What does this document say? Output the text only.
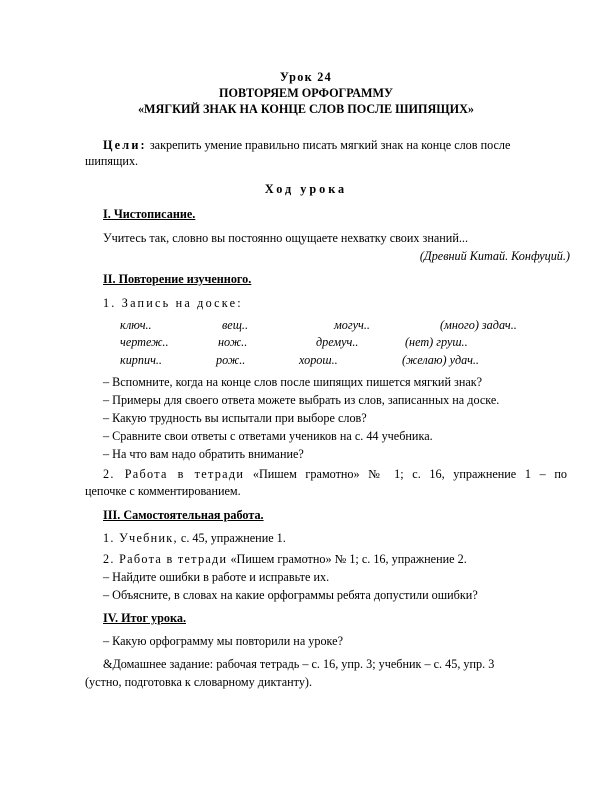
Урок 24
ПОВТОРЯЕМ ОРФОГРАММУ
«МЯГКИЙ ЗНАК НА КОНЦЕ СЛОВ ПОСЛЕ ШИПЯЩИХ»
Цели: закрепить умение правильно писать мягкий знак на конце слов после
шипящих.
Ход урока
I. Чистописание.
Учитесь так, словно вы постоянно ощущаете нехватку своих знаний...
(Древний Китай. Конфуций.)
II. Повторение изученного.
1. Запись на доске:
ключ..	вещ..	могуч..	(много) задач..
чертеж..	нож..	дремуч..	(нет) груш..
кирпич..	рож..	хорош..	(желаю) удач..
– Вспомните, когда на конце слов после шипящих пишется мягкий знак?
– Примеры для своего ответа можете выбрать из слов, записанных на доске.
– Какую трудность вы испытали при выборе слов?
– Сравните свои ответы с ответами учеников на с. 44 учебника.
– На что вам надо обратить внимание?
2. Работа в тетради «Пишем грамотно» № 1; с. 16, упражнение 1 – по
цепочке с комментированием.
III. Самостоятельная работа.
1. Учебник, с. 45, упражнение 1.
2. Работа в тетради «Пишем грамотно» № 1; с. 16, упражнение 2.
– Найдите ошибки в работе и исправьте их.
– Объясните, в словах на какие орфограммы ребята допустили ошибки?
IV. Итог урока.
– Какую орфограмму мы повторили на уроке?
&Домашнее задание: рабочая тетрадь – с. 16, упр. 3; учебник – с. 45, упр. 3
(устно, подготовка к словарному диктанту).
